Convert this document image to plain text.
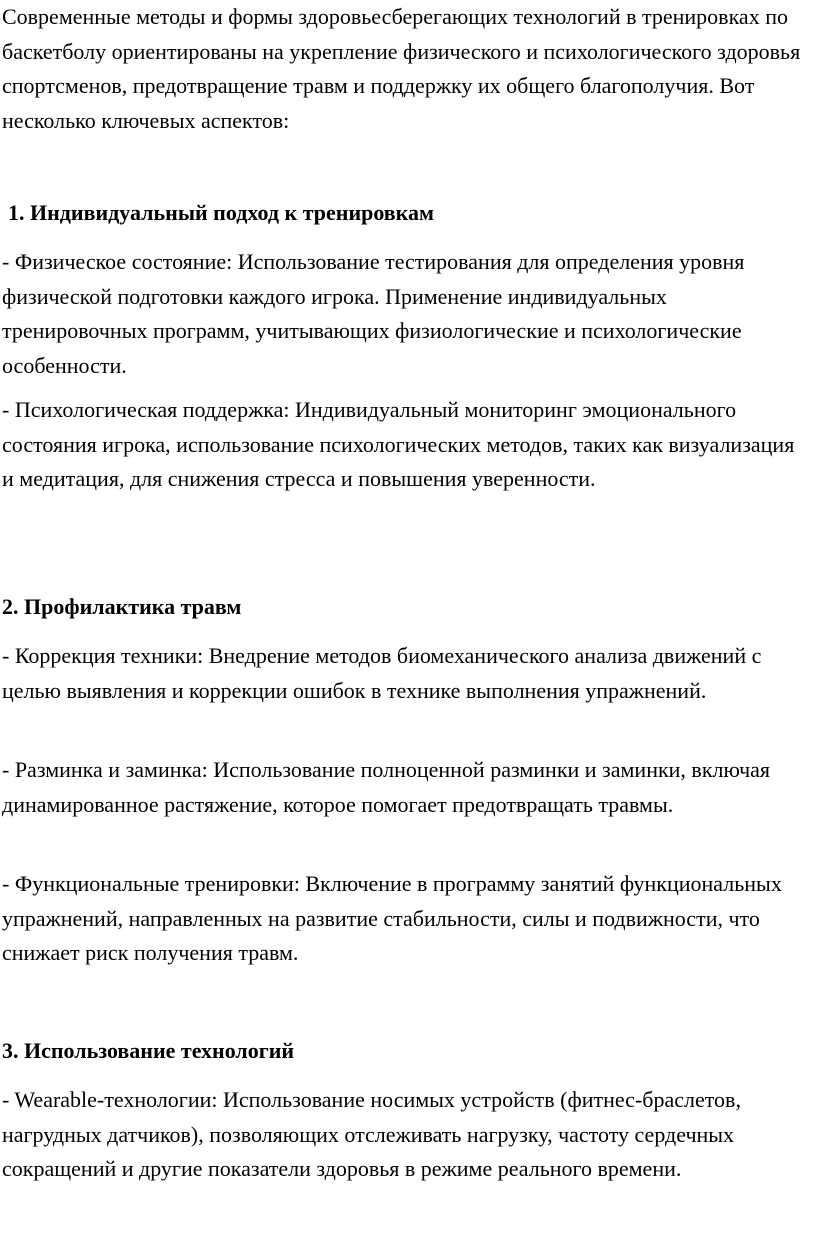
Современные методы и формы здоровьесберегающих технологий в тренировках по баскетболу ориентированы на укрепление физического и психологического здоровья спортсменов, предотвращение травм и поддержку их общего благополучия. Вот несколько ключевых аспектов:

1. Индивидуальный подход к тренировкам

- Физическое состояние: Использование тестирования для определения уровня физической подготовки каждого игрока. Применение индивидуальных тренировочных программ, учитывающих физиологические и психологические особенности.

- Психологическая поддержка: Индивидуальный мониторинг эмоционального состояния игрока, использование психологических методов, таких как визуализация и медитация, для снижения стресса и повышения уверенности.

2. Профилактика травм

- Коррекция техники: Внедрение методов биомеханического анализа движений с целью выявления и коррекции ошибок в технике выполнения упражнений.

- Разминка и заминка: Использование полноценной разминки и заминки, включая динамированное растяжение, которое помогает предотвращать травмы.

- Функциональные тренировки: Включение в программу занятий функциональных упражнений, направленных на развитие стабильности, силы и подвижности, что снижает риск получения травм.

3. Использование технологий

- Wearable-технологии: Использование носимых устройств (фитнес-браслетов, нагрудных датчиков), позволяющих отслеживать нагрузку, частоту сердечных сокращений и другие показатели здоровья в режиме реального времени.
